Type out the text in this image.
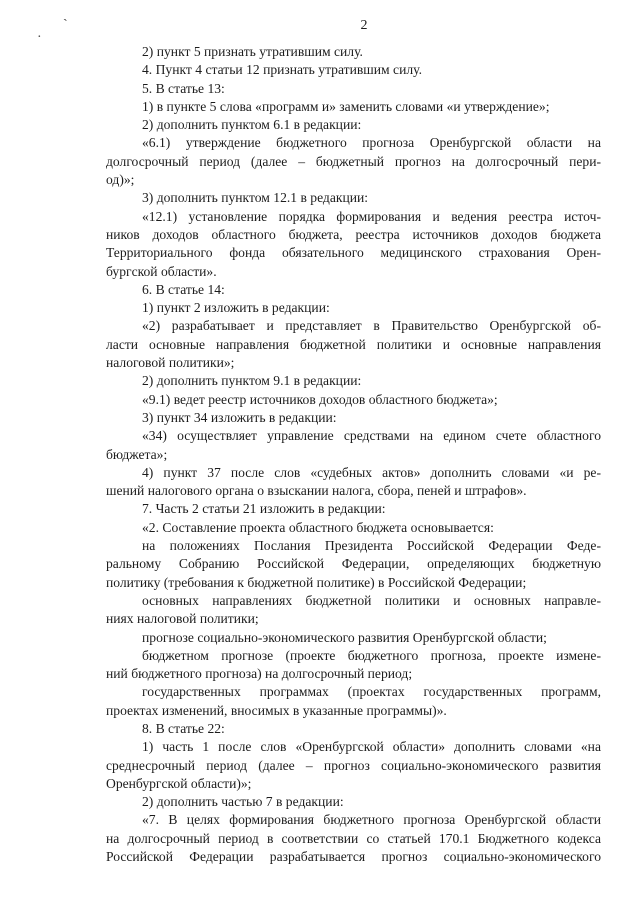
ˎ
·
2
2) пункт 5 признать утратившим силу.
4. Пункт 4 статьи 12 признать утратившим силу.
5. В статье 13:
1) в пункте 5 слова «программ и» заменить словами «и утверждение»;
2) дополнить пунктом 6.1 в редакции:
«6.1) утверждение бюджетного прогноза Оренбургской области на
долгосрочный период (далее – бюджетный прогноз на долгосрочный пери-
од)»;
3) дополнить пунктом 12.1 в редакции:
«12.1) установление порядка формирования и ведения реестра источ-
ников доходов областного бюджета, реестра источников доходов бюджета
Территориального фонда обязательного медицинского страхования Орен-
бургской области».
6. В статье 14:
1) пункт 2 изложить в редакции:
«2) разрабатывает и представляет в Правительство Оренбургской об-
ласти основные направления бюджетной политики и основные направления
налоговой политики»;
2) дополнить пунктом 9.1 в редакции:
«9.1) ведет реестр источников доходов областного бюджета»;
3) пункт 34 изложить в редакции:
«34) осуществляет управление средствами на едином счете областного
бюджета»;
4) пункт 37 после слов «судебных актов» дополнить словами «и ре-
шений налогового органа о взыскании налога, сбора, пеней и штрафов».
7. Часть 2 статьи 21 изложить в редакции:
«2. Составление проекта областного бюджета основывается:
на положениях Послания Президента Российской Федерации Феде-
ральному Собранию Российской Федерации, определяющих бюджетную
политику (требования к бюджетной политике) в Российской Федерации;
основных направлениях бюджетной политики и основных направле-
ниях налоговой политики;
прогнозе социально-экономического развития Оренбургской области;
бюджетном прогнозе (проекте бюджетного прогноза, проекте измене-
ний бюджетного прогноза) на долгосрочный период;
государственных программах (проектах государственных программ,
проектах изменений, вносимых в указанные программы)».
8. В статье 22:
1) часть 1 после слов «Оренбургской области» дополнить словами «на
среднесрочный период (далее – прогноз социально-экономического развития
Оренбургской области)»;
2) дополнить частью 7 в редакции:
«7. В целях формирования бюджетного прогноза Оренбургской области
на долгосрочный период в соответствии со статьей 170.1 Бюджетного кодекса
Российской Федерации разрабатывается прогноз социально-экономического
